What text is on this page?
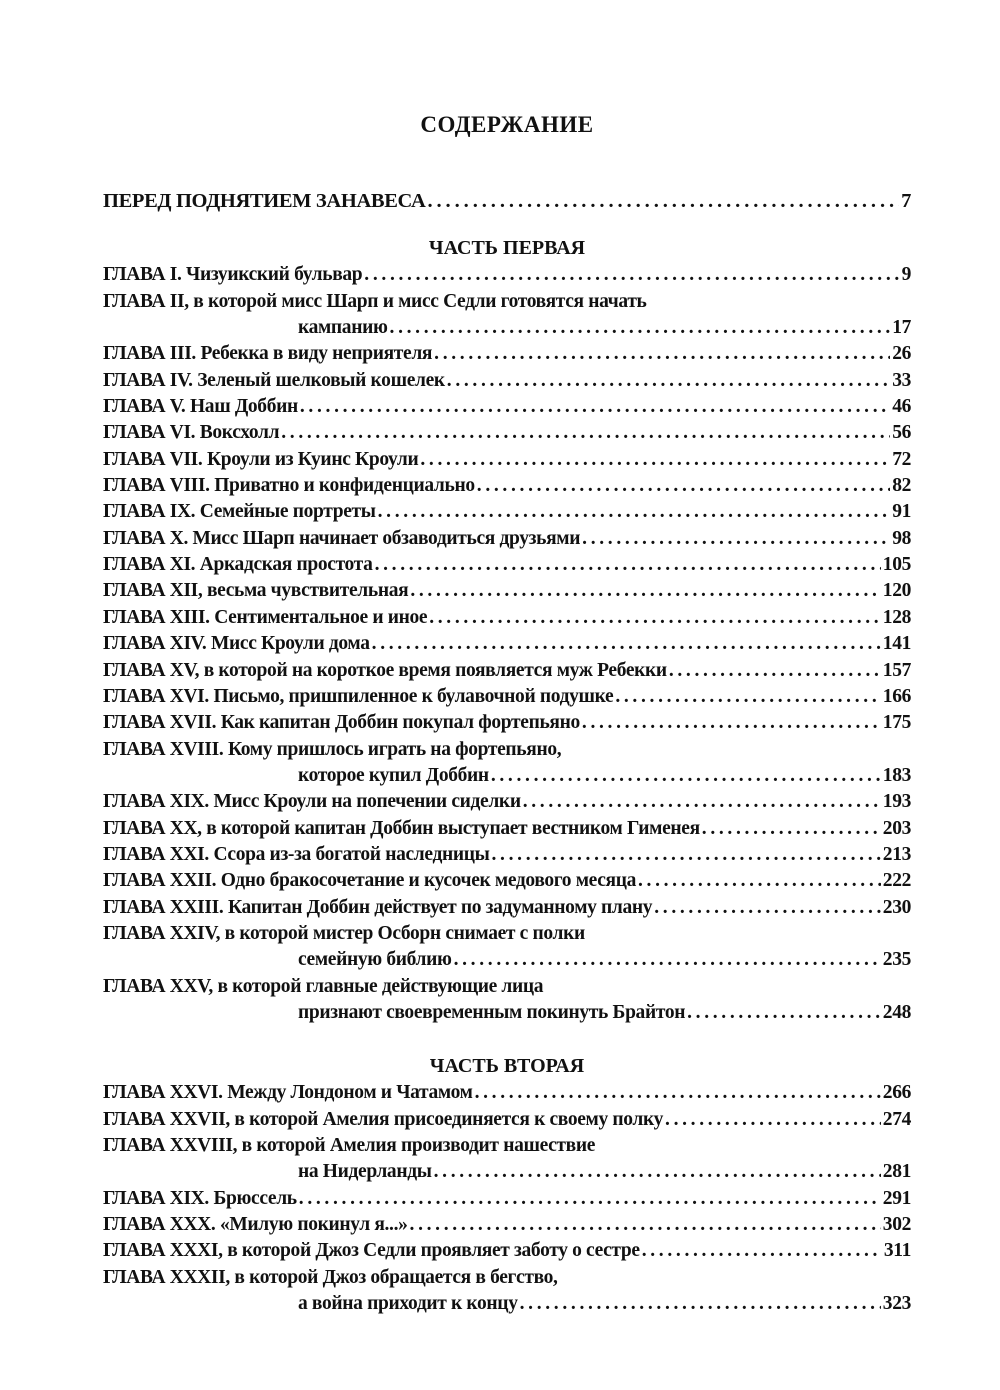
СОДЕРЖАНИЕ
ПЕРЕД ПОДНЯТИЕМ ЗАНАВЕСА . . .	7
ЧАСТЬ ПЕРВАЯ
ГЛАВА I. Чизуикский бульвар . . .	9
ГЛАВА II, в которой мисс Шарп и мисс Седли готовятся начать
кампанию . . .	17
ГЛАВА III. Ребекка в виду неприятеля . . .	26
ГЛАВА IV. Зеленый шелковый кошелек . . .	33
ГЛАВА V. Наш Доббин . . .	46
ГЛАВА VI. Воксхолл . . .	56
ГЛАВА VII. Кроули из Куинс Кроули . . .	72
ГЛАВА VIII. Приватно и конфиденциально . . .	82
ГЛАВА IX. Семейные портреты . . .	91
ГЛАВА X. Мисс Шарп начинает обзаводиться друзьями . . .	98
ГЛАВА XI. Аркадская простота . . .	105
ГЛАВА XII, весьма чувствительная . . .	120
ГЛАВА XIII. Сентиментальное и иное . . .	128
ГЛАВА XIV. Мисс Кроули дома . . .	141
ГЛАВА XV, в которой на короткое время появляется муж Ребекки . . .	157
ГЛАВА XVI. Письмо, пришпиленное к булавочной подушке . . .	166
ГЛАВА XVII. Как капитан Доббин покупал фортепьяно . . .	175
ГЛАВА XVIII. Кому пришлось играть на фортепьяно,
которое купил Доббин . . .	183
ГЛАВА XIX. Мисс Кроули на попечении сиделки . . .	193
ГЛАВА XX, в которой капитан Доббин выступает вестником Гименея . . .	203
ГЛАВА XXI. Ссора из-за богатой наследницы . . .	213
ГЛАВА XXII. Одно бракосочетание и кусочек медового месяца . . .	222
ГЛАВА XXIII. Капитан Доббин действует по задуманному плану . . .	230
ГЛАВА XXIV, в которой мистер Осборн снимает с полки
семейную библию . . .	235
ГЛАВА XXV, в которой главные действующие лица
признают своевременным покинуть Брайтон . . .	248
ЧАСТЬ ВТОРАЯ
ГЛАВА XXVI. Между Лондоном и Чатамом . . .	266
ГЛАВА XXVII, в которой Амелия присоединяется к своему полку . . .	274
ГЛАВА XXVIII, в которой Амелия производит нашествие
на Нидерланды . . .	281
ГЛАВА XIX. Брюссель . . .	291
ГЛАВА XXX. «Милую покинул я...» . . .	302
ГЛАВА XXXI, в которой Джоз Седли проявляет заботу о сестре . . .	311
ГЛАВА XXXII, в которой Джоз обращается в бегство,
а война приходит к концу . . .	323
